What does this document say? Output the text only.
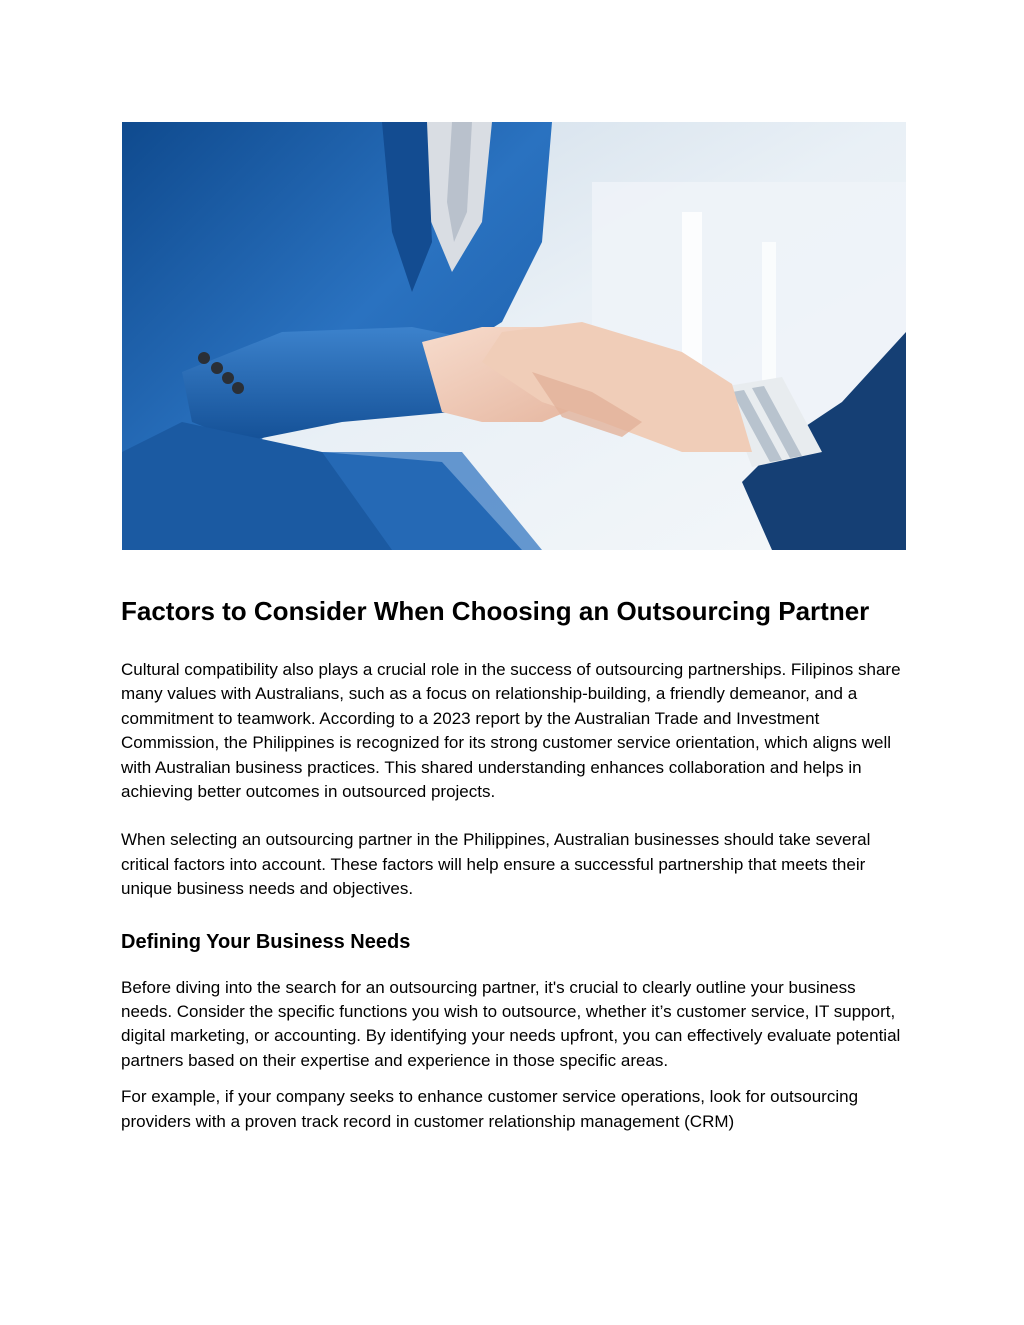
Factors to Consider When Choosing an Outsourcing Partner

Cultural compatibility also plays a crucial role in the success of outsourcing partnerships. Filipinos share many values with Australians, such as a focus on relationship-building, a friendly demeanor, and a commitment to teamwork. According to a 2023 report by the Australian Trade and Investment Commission, the Philippines is recognized for its strong customer service orientation, which aligns well with Australian business practices. This shared understanding enhances collaboration and helps in achieving better outcomes in outsourced projects.

When selecting an outsourcing partner in the Philippines, Australian businesses should take several critical factors into account. These factors will help ensure a successful partnership that meets their unique business needs and objectives.

Defining Your Business Needs

Before diving into the search for an outsourcing partner, it's crucial to clearly outline your business needs. Consider the specific functions you wish to outsource, whether it’s customer service, IT support, digital marketing, or accounting. By identifying your needs upfront, you can effectively evaluate potential partners based on their expertise and experience in those specific areas.

For example, if your company seeks to enhance customer service operations, look for outsourcing providers with a proven track record in customer relationship management (CRM)
